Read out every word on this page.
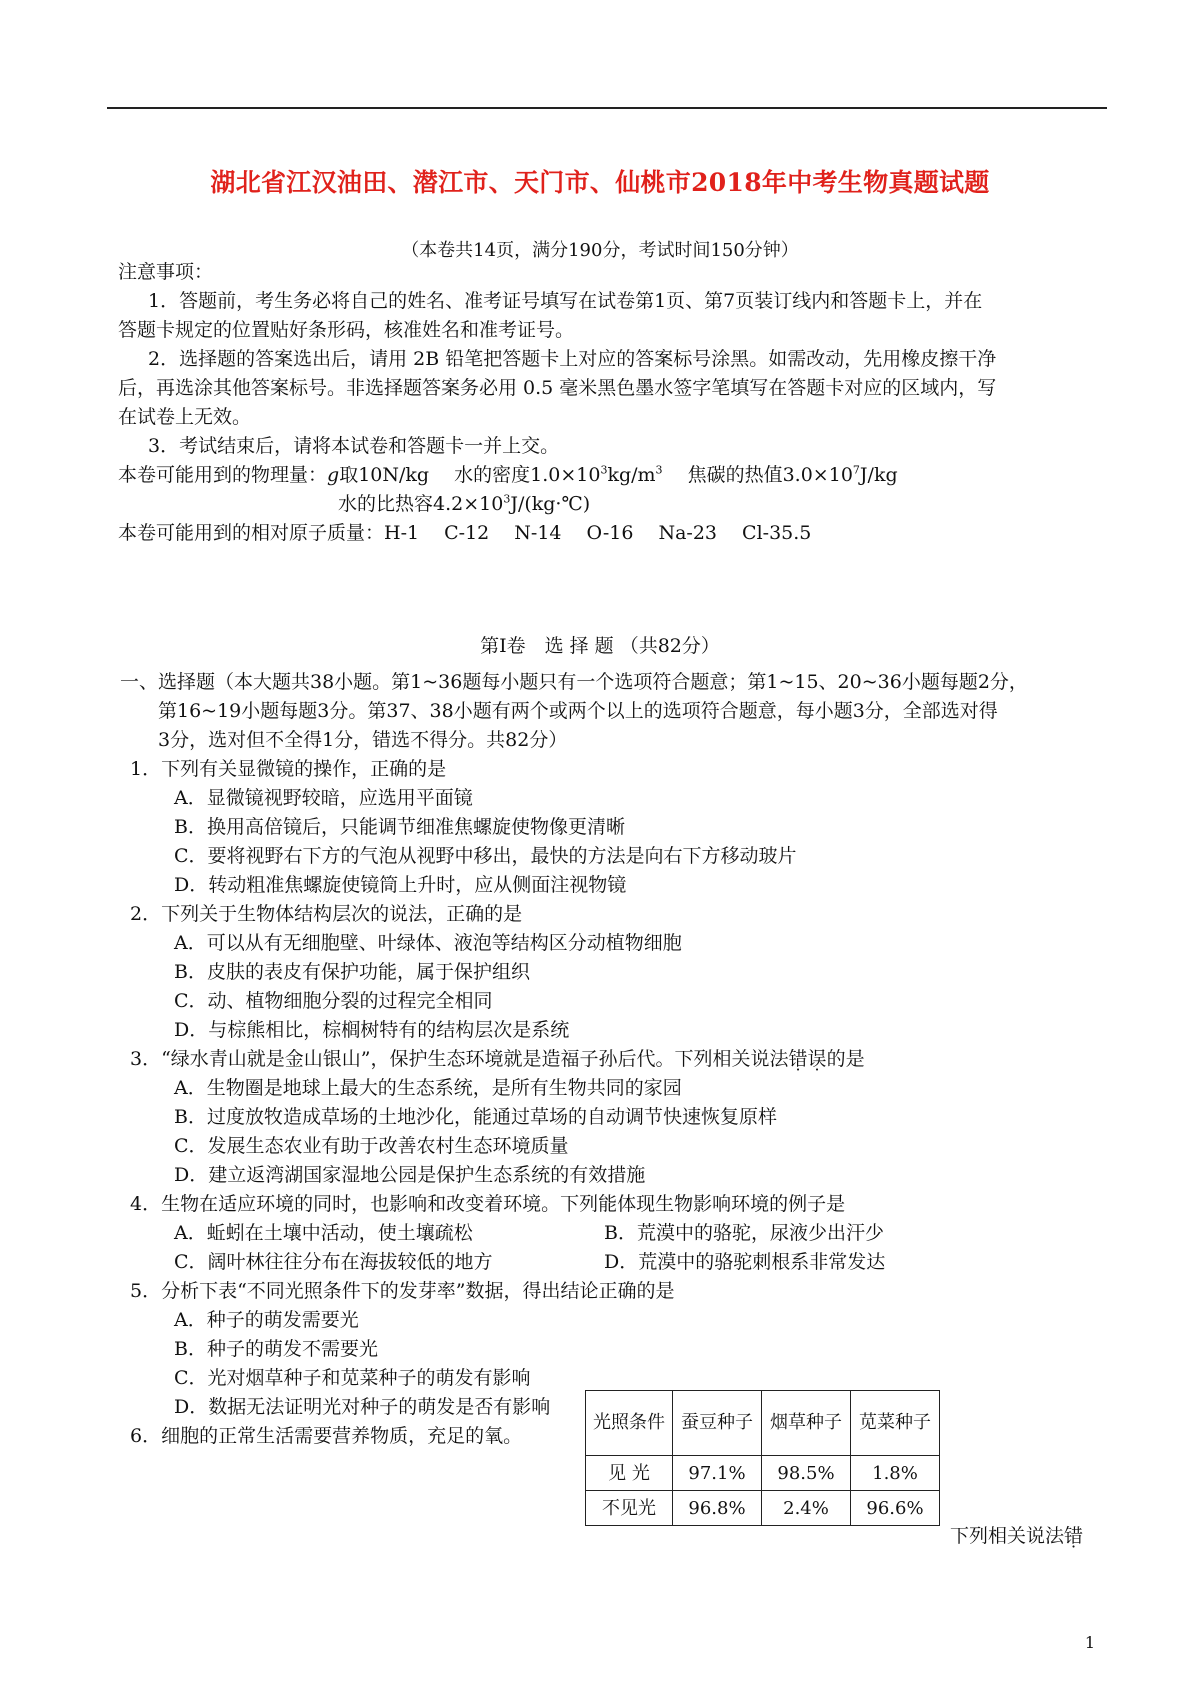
湖北省江汉油田、潜江市、天门市、仙桃市2018年中考生物真题试题
（本卷共14页，满分190分，考试时间150分钟）
注意事项：
1．答题前，考生务必将自己的姓名、准考证号填写在试卷第1页、第7页装订线内和答题卡上，并在
答题卡规定的位置贴好条形码，核准姓名和准考证号。
2．选择题的答案选出后，请用 2B 铅笔把答题卡上对应的答案标号涂黑。如需改动，先用橡皮擦干净
后，再选涂其他答案标号。非选择题答案务必用 0.5 毫米黑色墨水签字笔填写在答题卡对应的区域内，写
在试卷上无效。
3．考试结束后，请将本试卷和答题卡一并上交。
本卷可能用到的物理量：g取10N/kg　 水的密度$1.0\times 10^3kg/m^3$　 焦碳的热值$3.0\times 10^7J/kg$
水的比热容$4.2\times 10^3J/(kg\cdot℃)$
本卷可能用到的相对原子质量：H-1　 C-12　 N-14　 O-16　 Na-23　 Cl-35.5
第Ⅰ卷　选 择 题 （共82分）
一、选择题（本大题共38小题。第1~36题每小题只有一个选项符合题意；第1~15、20~36小题每题2分，
第16~19小题每题3分。第37、38小题有两个或两个以上的选项符合题意，每小题3分，全部选对得
3分，选对但不全得1分，错选不得分。共82分）
1．下列有关显微镜的操作，正确的是
A．显微镜视野较暗，应选用平面镜
B．换用高倍镜后，只能调节细准焦螺旋使物像更清晰
C．要将视野右下方的气泡从视野中移出，最快的方法是向右下方移动玻片
D．转动粗准焦螺旋使镜筒上升时，应从侧面注视物镜
2．下列关于生物体结构层次的说法，正确的是
A．可以从有无细胞壁、叶绿体、液泡等结构区分动植物细胞
B．皮肤的表皮有保护功能，属于保护组织
C．动、植物细胞分裂的过程完全相同
D．与棕熊相比，棕榈树特有的结构层次是系统
3．“绿水青山就是金山银山”，保护生态环境就是造福子孙后代。下列相关说法错误的是
A．生物圈是地球上最大的生态系统，是所有生物共同的家园
B．过度放牧造成草场的土地沙化，能通过草场的自动调节快速恢复原样
C．发展生态农业有助于改善农村生态环境质量
D．建立返湾湖国家湿地公园是保护生态系统的有效措施
4．生物在适应环境的同时，也影响和改变着环境。下列能体现生物影响环境的例子是
A．蚯蚓在土壤中活动，使土壤疏松	B．荒漠中的骆驼，尿液少出汗少
C．阔叶林往往分布在海拔较低的地方	D．荒漠中的骆驼刺根系非常发达
5．分析下表“不同光照条件下的发芽率”数据，得出结论正确的是
A．种子的萌发需要光
B．种子的萌发不需要光
C．光对烟草种子和苋菜种子的萌发有影响
D．数据无法证明光对种子的萌发是否有影响
6．细胞的正常生活需要营养物质，充足的氧。
下列相关说法错
光照条件	蚕豆种子	烟草种子	苋菜种子
见 光	97.1%	98.5%	1.8%
不见光	96.8%	2.4%	96.6%
1
